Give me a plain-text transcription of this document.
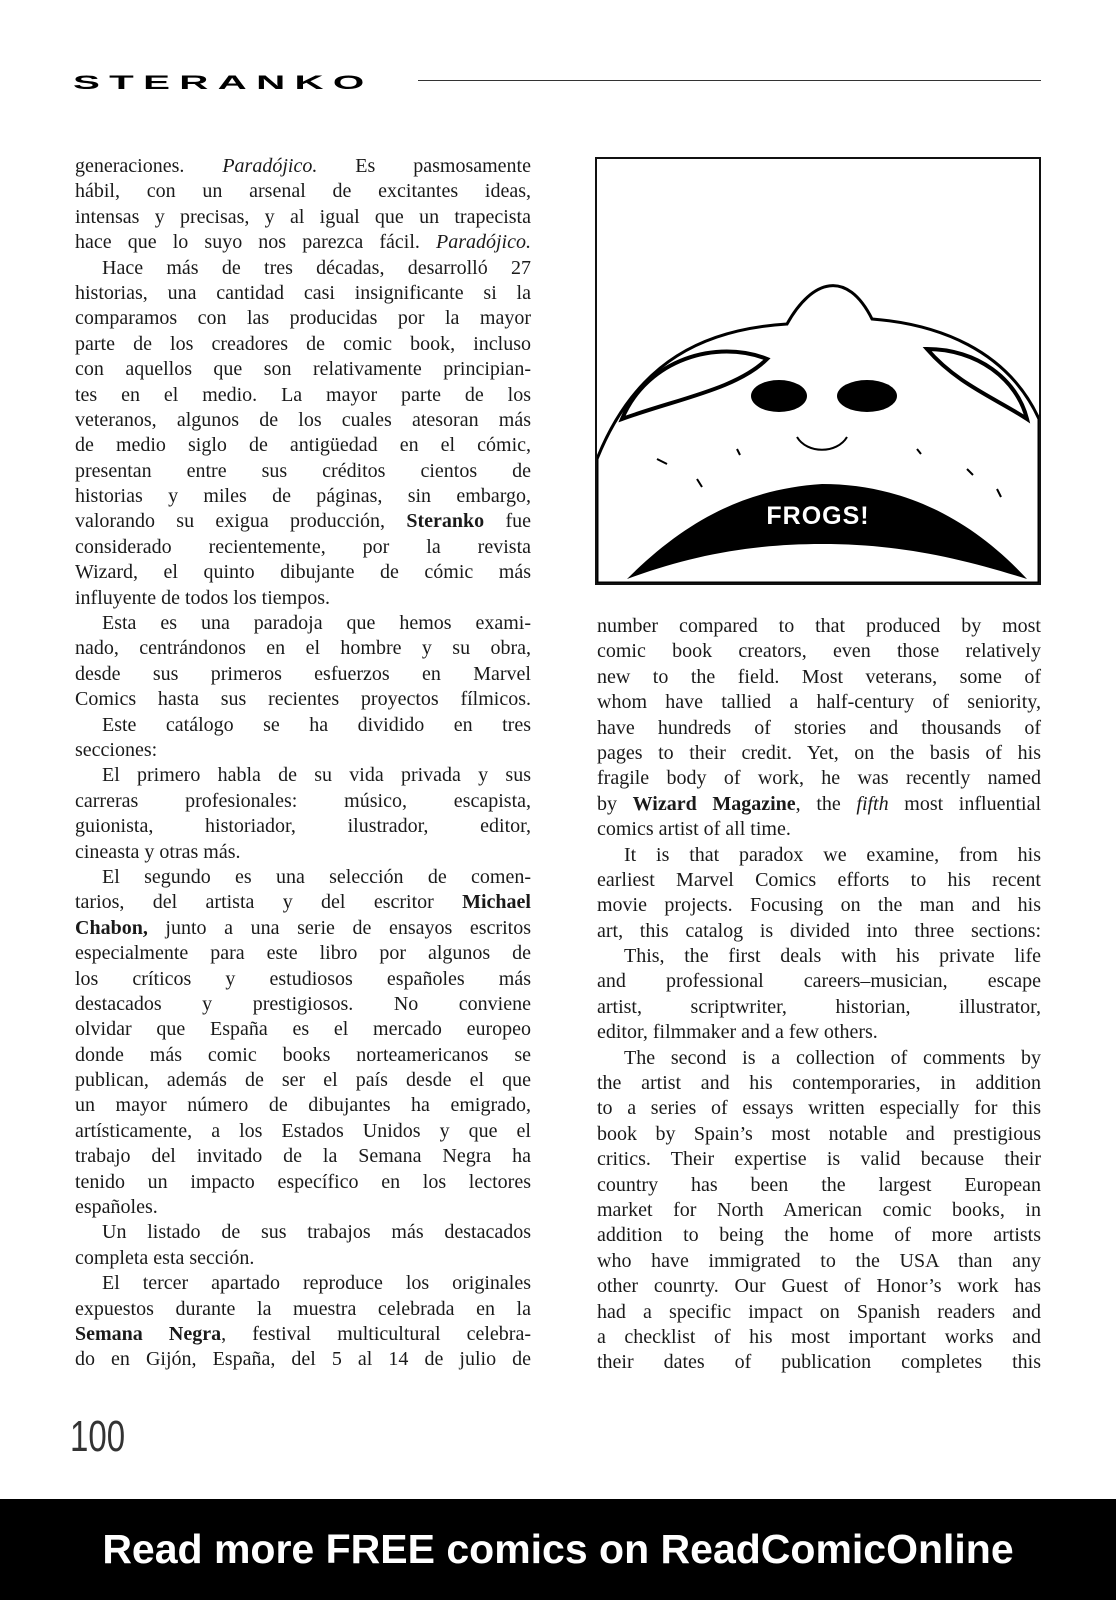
STERANKO
generaciones. Paradójico. Es pasmosamente
hábil, con un arsenal de excitantes ideas,
intensas y precisas, y al igual que un trapecista
hace que lo suyo nos parezca fácil. Paradójico.
Hace más de tres décadas, desarrolló 27
historias, una cantidad casi insignificante si la
comparamos con las producidas por la mayor
parte de los creadores de comic book, incluso
con aquellos que son relativamente principian-
tes en el medio. La mayor parte de los
veteranos, algunos de los cuales atesoran más
de medio siglo de antigüedad en el cómic,
presentan entre sus créditos cientos de
historias y miles de páginas, sin embargo,
valorando su exigua producción, Steranko fue
considerado recientemente, por la revista
Wizard, el quinto dibujante de cómic más
influyente de todos los tiempos.
Esta es una paradoja que hemos exami-
nado, centrándonos en el hombre y su obra,
desde sus primeros esfuerzos en Marvel
Comics hasta sus recientes proyectos fílmicos.
Este catálogo se ha dividido en tres
secciones:
El primero habla de su vida privada y sus
carreras profesionales: músico, escapista,
guionista, historiador, ilustrador, editor,
cineasta y otras más.
El segundo es una selección de comen-
tarios, del artista y del escritor Michael
Chabon, junto a una serie de ensayos escritos
especialmente para este libro por algunos de
los críticos y estudiosos españoles más
destacados y prestigiosos. No conviene
olvidar que España es el mercado europeo
donde más comic books norteamericanos se
publican, además de ser el país desde el que
un mayor número de dibujantes ha emigrado,
artísticamente, a los Estados Unidos y que el
trabajo del invitado de la Semana Negra ha
tenido un impacto específico en los lectores
españoles.
Un listado de sus trabajos más destacados
completa esta sección.
El tercer apartado reproduce los originales
expuestos durante la muestra celebrada en la
Semana Negra, festival multicultural celebra-
do en Gijón, España, del 5 al 14 de julio de
FROGS!
number compared to that produced by most
comic book creators, even those relatively
new to the field. Most veterans, some of
whom have tallied a half-century of seniority,
have hundreds of stories and thousands of
pages to their credit. Yet, on the basis of his
fragile body of work, he was recently named
by Wizard Magazine, the fifth most influential
comics artist of all time.
It is that paradox we examine, from his
earliest Marvel Comics efforts to his recent
movie projects. Focusing on the man and his
art, this catalog is divided into three sections:
This, the first deals with his private life
and professional careers–musician, escape
artist, scriptwriter, historian, illustrator,
editor, filmmaker and a few others.
The second is a collection of comments by
the artist and his contemporaries, in addition
to a series of essays written especially for this
book by Spain’s most notable and prestigious
critics. Their expertise is valid because their
country has been the largest European
market for North American comic books, in
addition to being the home of more artists
who have immigrated to the USA than any
other counrty. Our Guest of Honor’s work has
had a specific impact on Spanish readers and
a checklist of his most important works and
their dates of publication completes this
100
Read more FREE comics on ReadComicOnline
